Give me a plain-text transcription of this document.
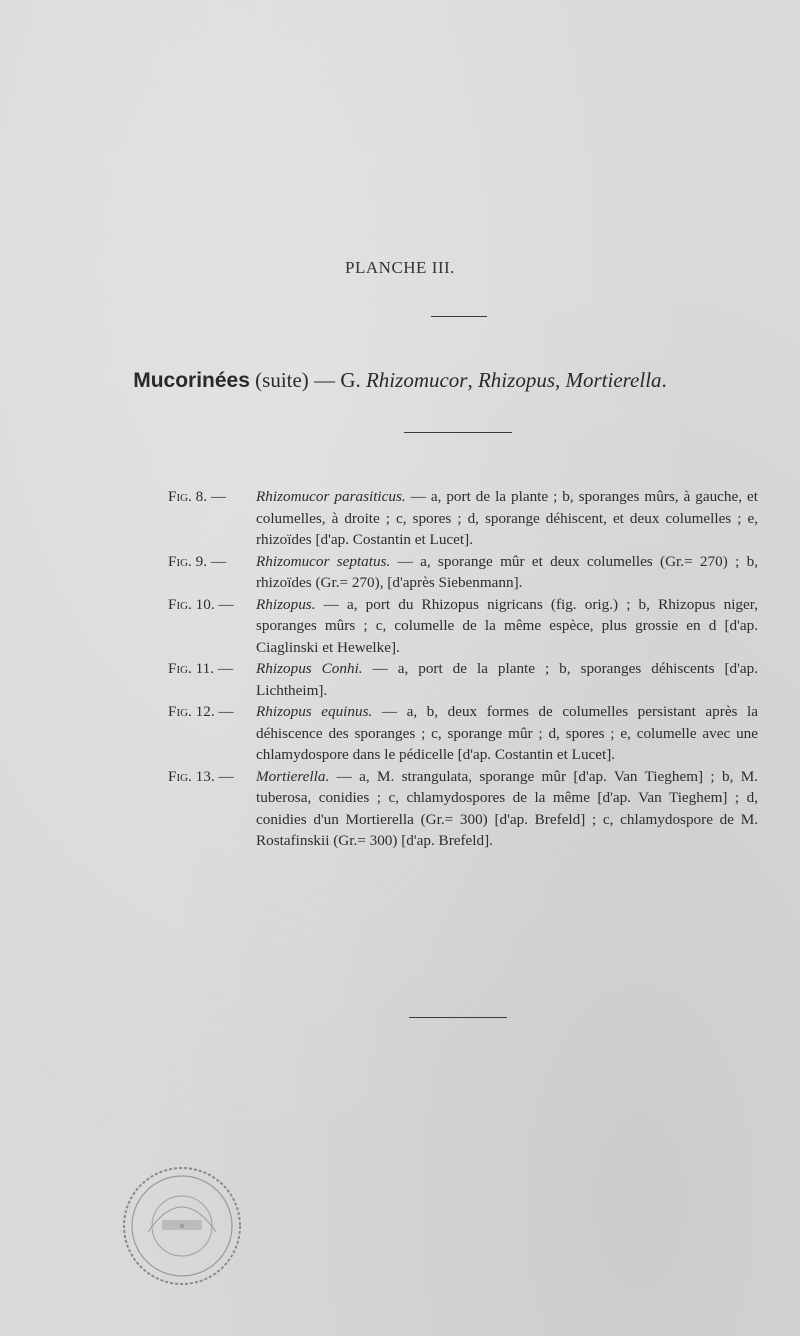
PLANCHE III.
Mucorinées (suite) — G. Rhizomucor, Rhizopus, Mortierella.
Fig. 8. —	Rhizomucor parasiticus. — a, port de la plante ; b, sporanges mûrs, à gauche, et columelles, à droite ; c, spores ; d, sporange déhiscent, et deux columelles ; e, rhizoïdes [d'ap. Costantin et Lucet].
Fig. 9. —	Rhizomucor septatus. — a, sporange mûr et deux columelles (Gr.= 270) ; b, rhizoïdes (Gr.= 270), [d'après Siebenmann].
Fig. 10. —	Rhizopus. — a, port du Rhizopus nigricans (fig. orig.) ; b, Rhizopus niger, sporanges mûrs ; c, columelle de la même espèce, plus grossie en d [d'ap. Ciaglinski et Hewelke].
Fig. 11. —	Rhizopus Conhi. — a, port de la plante ; b, sporanges déhiscents [d'ap. Lichtheim].
Fig. 12. —	Rhizopus equinus. — a, b, deux formes de columelles persistant après la déhiscence des sporanges ; c, sporange mûr ; d, spores ; e, columelle avec une chlamydospore dans le pédicelle [d'ap. Costantin et Lucet].
Fig. 13. —	Mortierella. — a, M. strangulata, sporange mûr [d'ap. Van Tieghem] ; b, M. tuberosa, conidies ; c, chlamydospores de la même [d'ap. Van Tieghem] ; d, conidies d'un Mortierella (Gr.= 300) [d'ap. Brefeld] ; c, chlamydospore de M. Rostafinskii (Gr.= 300) [d'ap. Brefeld].
